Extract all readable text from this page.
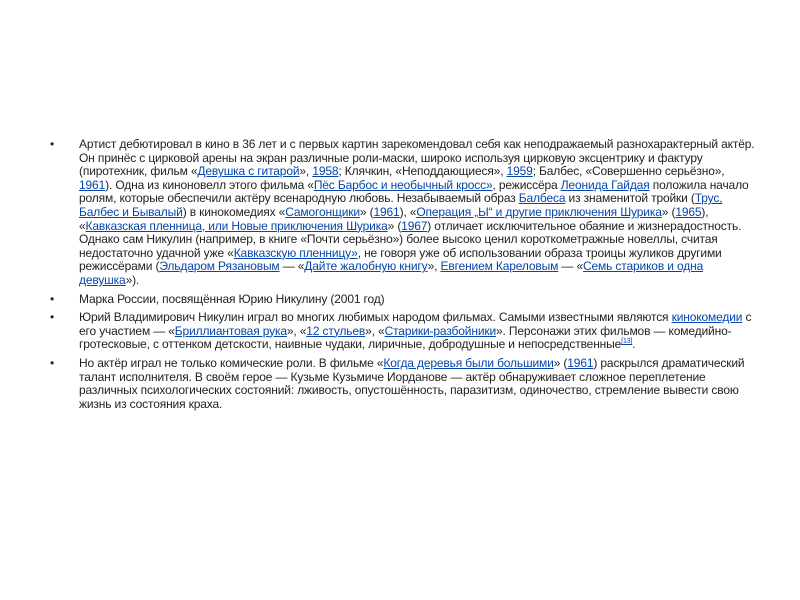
• Артист дебютировал в кино в 36 лет и с первых картин зарекомендовал себя как неподражаемый разнохарактерный актёр. Он принёс с цирковой арены на экран различные роли-маски, широко используя цирковую эксцентрику и фактуру (пиротехник, фильм «Девушка с гитарой», 1958; Клячкин, «Неподдающиеся», 1959; Балбес, «Совершенно серьёзно», 1961). Одна из киноновелл этого фильма «Пёс Барбос и необычный кросс», режиссёра Леонида Гайдая положила начало ролям, которые обеспечили актёру всенародную любовь. Незабываемый образ Балбеса из знаменитой тройки (Трус, Балбес и Бывалый) в кинокомедиях «Самогонщики» (1961), «Операция „Ы“ и другие приключения Шурика» (1965), «Кавказская пленница, или Новые приключения Шурика» (1967) отличает исключительное обаяние и жизнерадостность. Однако сам Никулин (например, в книге «Почти серьёзно») более высоко ценил короткометражные новеллы, считая недостаточно удачной уже «Кавказскую пленницу», не говоря уже об использовании образа троицы жуликов другими режиссёрами (Эльдаром Рязановым — «Дайте жалобную книгу», Евгением Кареловым — «Семь стариков и одна девушка»).
• Марка России, посвящённая Юрию Никулину (2001 год)
• Юрий Владимирович Никулин играл во многих любимых народом фильмах. Самыми известными являются кинокомедии с его участием — «Бриллиантовая рука», «12 стульев», «Старики-разбойники». Персонажи этих фильмов — комедийно-гротесковые, с оттенком детскости, наивные чудаки, лиричные, добродушные и непосредственные[13].
• Но актёр играл не только комические роли. В фильме «Когда деревья были большими» (1961) раскрылся драматический талант исполнителя. В своём герое — Кузьме Кузьмиче Иорданове — актёр обнаруживает сложное переплетение различных психологических состояний: лживость, опустошённость, паразитизм, одиночество, стремление вывести свою жизнь из состояния краха.
